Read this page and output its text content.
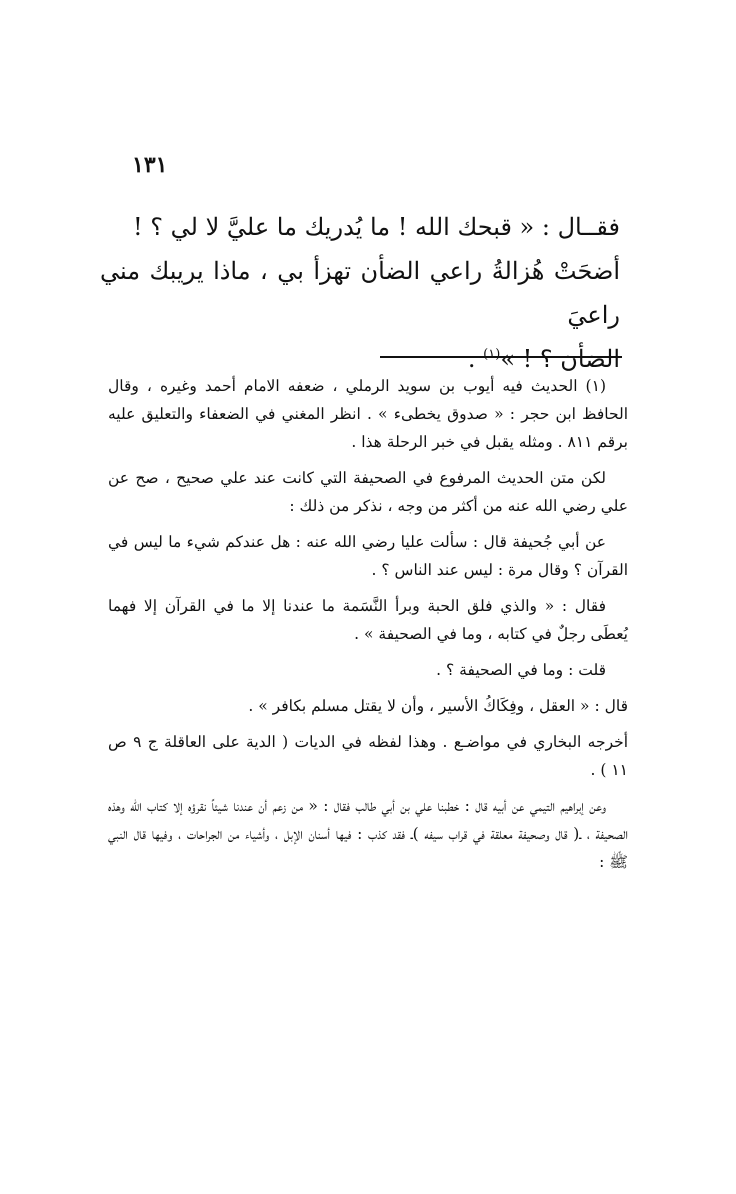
١٣١
فقــال : « قبحك الله ! ما يُدريك ما عليَّ لا لي ؟ !
أضحَتْ هُزالةُ راعي الضأن تهزأ بي ، ماذا يريبك مني راعيَ
الضأن ؟ ! »$^{(١)}$ .

(١) الحديث فيه أيوب بن سويد الرملي ، ضعفه الامام أحمد وغيره ، وقال الحافظ ابن حجر : « صدوق يخطىء » . انظر المغني في الضعفاء والتعليق عليه برقم ٨١١ . ومثله يقبل في خبر الرحلة هذا .

لكن متن الحديث المرفوع في الصحيفة التي كانت عند علي صحيح ، صح عن علي رضي الله عنه من أكثر من وجه ، نذكر من ذلك :

عن أبي جُحيفة قال : سألت عليا رضي الله عنه : هل عندكم شيء ما ليس في القرآن ؟ وقال مرة : ليس عند الناس ؟ .

فقال : « والذي فلق الحبة وبرأ النَّسَمة ما عندنا إلا ما في القرآن إلا فهما يُعطَى رجلٌ في كتابه ، وما في الصحيفة » .

قلت : وما في الصحيفة ؟ .

قال : « العقل ، وفِكَاكُ الأسير ، وأن لا يقتل مسلم بكافر » .

أخرجه البخاري في مواضـع . وهذا لفظه في الديات ( الدية على العاقلة ج ٩ ص ١١ ) .

وعن إبراهيم التيمي عن أبيه قال : خطبنا علي بن أبي طالب فقال : « من زعم أن عندنا شيئاً نقرؤه إلا كتاب الله وهذه الصحيفة ، ـ( قال وصحيفة معلقة في قراب سيفه )ـ فقد كذب : فيها أسنان الإبل ، وأشياء من الجراحات ، وفيها قال النبي ﷺ :
